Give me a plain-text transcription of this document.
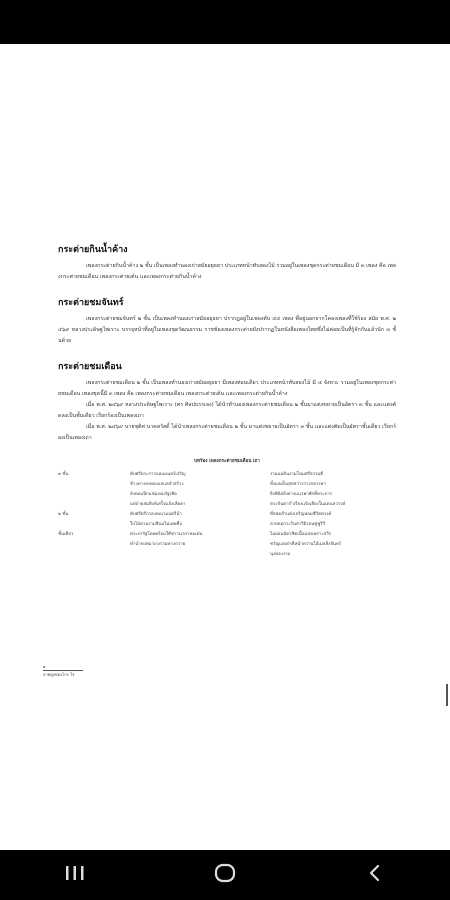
กระต่ายกินน้ำค้าง

เพลงกระต่ายกินน้ำค้าง ๒ ชั้น เป็นเพลงทำนองเก่าสมัยอยุธยา ประเภทหน้าทับสองไม้ รวมอยู่ในเพลงชุดกระต่ายชมเดือน มี ๓ เพลง คือ เพลงกระต่ายชมเดือน เพลงกระต่ายเต้น และเพลงกระต่ายกินน้ำค้าง

กระต่ายชมจันทร์

เพลงกระต่ายชมจันทร์ ๒ ชั้น เป็นเพลงทำนองเก่าสมัยอยุธยา ปรากฏอยู่ในเพลงตับ ๔๔ เพลง ที่อยู่นอกจากโคลงเพลงที่ใช้ร้อง สมัย พ.ศ. ๒๔๖๙ หลวงประดิษฐไพเราะ บรรจุหน้าที่อยู่ในเพลงชุดวัฒนธรรม ราชช้องเพลงกระต่ายยังปรากฏในหนังสือเพลงไทยซึ่งไม่ค่อยเป็นที่รู้จักกันแล้วนัก ๓ ชั้นด้วย

กระต่ายชมเดือน

เพลงกระต่ายชมเดือน ๒ ชั้น เป็นเพลงทำนองเก่าสมัยอยุธยา มีเพลงท่อนเดียว ประเภทหน้าทับสองไม้ มี ๔ จังหวะ รวมอยู่ในเพลงชุดกระต่ายชมเดือน เพลงชุดนี้มี ๓ เพลง คือ เพลงกระต่ายชมเดือน เพลงกระต่ายเต้น และเพลงกระต่ายกินน้ำค้าง

เมื่อ พ.ศ. ๒๔๖๙ หลวงประดิษฐไพเราะ (ศร ศิลปบรรเลง) ได้นำทำนองเพลงกระต่ายชมเดือน ๒ ชั้นมาแต่งขยายเป็นอัตรา ๓ ชั้น และแต่งตัดลงเป็นชั้นเดียว เรียกร้องเป็นเพลงเถา

เมื่อ พ.ศ. ๒๔๖๙ นายชุติศ นาคสวัสดิ์ ได้นำเพลงกระต่ายชมเดือน ๒ ชั้น มาแต่งขยายเป็นอัตรา ๓ ชั้น และแต่งตัดเป็นอัตราชั้นเดียว เรียกร้องเป็นเพลงเถา

บทร้อง เพลงกระต่ายชมเดือน เถา
๓ ชั้น	ดับศรีตระการแลแมนทร์เจริญ	งามแม่ต้นงามโฉมศรีธรรมดี
ข้างทางลงหลงแลแลลำสร้าง	ทั้งแลเห็นสุขสว่างวางกลางหา
ยังหอมนึกแช่มเหมรัฐเชิด	ยิ่งพินิจยิ่งย่างแนวพาศักดิ์ตระการ
แต่ถ่ายสมสิงห์เสร็จแจ้งเลียดา	ตระกินตากำเรียงแจ้งเลียงในแดนสวรรค์
๒ ชั้น	ดับศรีตรีกรองคณามนตรีนำ	ที่สลดสำแต่งเจริญหอมชีวิตตรงค์
ใบไม้ตามงามสีฉมไม่เคยคือ	ลายดอกระรินสาวีอิรอนซู่ฟูรีวี
ชั้นเดียว	ตระกรรัฐโดยพร้อมใดีชาวนายาหมเด่น	ไม่ผ่อนฉัตรชิดเนื้อแสงเพราะจวีร
ทำนำหงสมาเรงรวมทางถวาย	ชวัญแลเต่าดีหน้าหวานไอ้เมลลิ่งจันทร์
นุงทองงาม
๑
ลายทูลทองโกร ใจ
